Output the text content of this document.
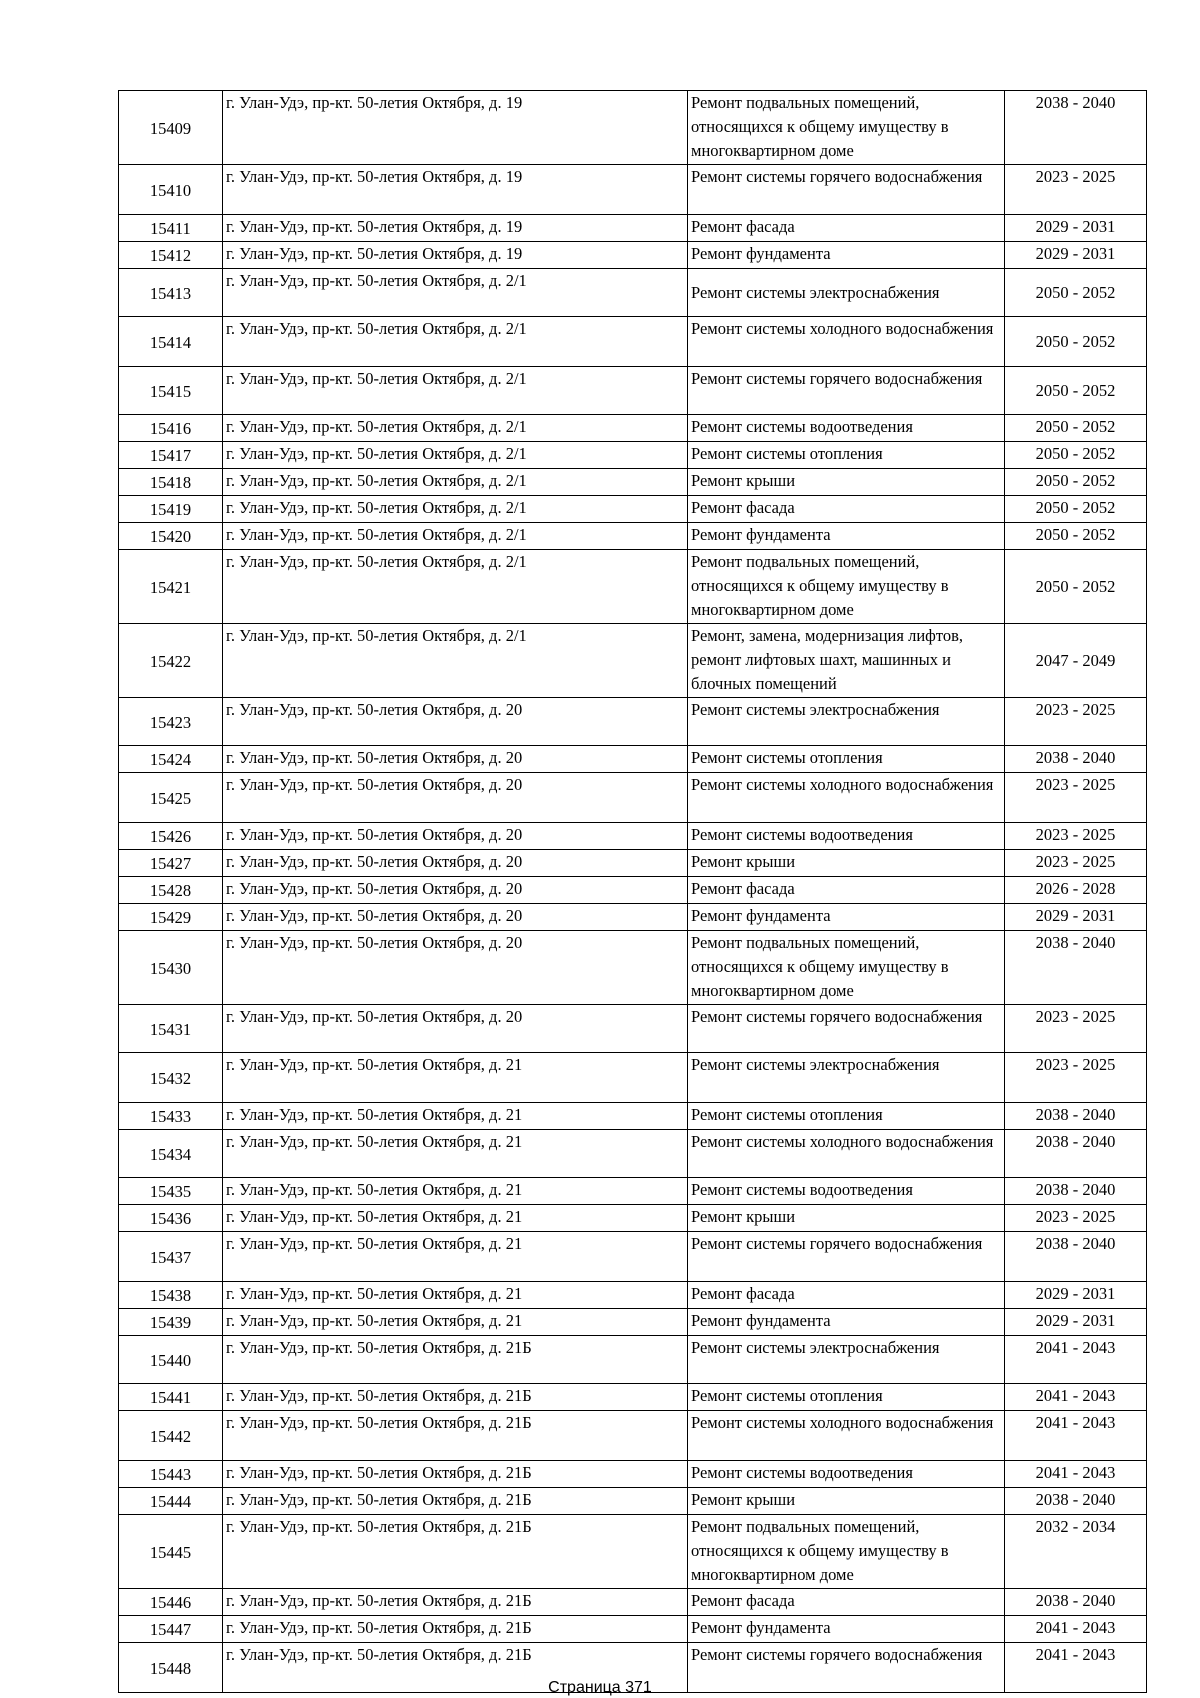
15409	г. Улан-Удэ, пр-кт. 50-летия Октября, д. 19	Ремонт подвальных помещений, относящихся к общему имуществу в многоквартирном доме	2038 - 2040
15410	г. Улан-Удэ, пр-кт. 50-летия Октября, д. 19	Ремонт системы горячего водоснабжения	2023 - 2025
15411	г. Улан-Удэ, пр-кт. 50-летия Октября, д. 19	Ремонт фасада	2029 - 2031
15412	г. Улан-Удэ, пр-кт. 50-летия Октября, д. 19	Ремонт фундамента	2029 - 2031
15413	г. Улан-Удэ, пр-кт. 50-летия Октября, д. 2/1	Ремонт системы электроснабжения	2050 - 2052
15414	г. Улан-Удэ, пр-кт. 50-летия Октября, д. 2/1	Ремонт системы холодного водоснабжения	2050 - 2052
15415	г. Улан-Удэ, пр-кт. 50-летия Октября, д. 2/1	Ремонт системы горячего водоснабжения	2050 - 2052
15416	г. Улан-Удэ, пр-кт. 50-летия Октября, д. 2/1	Ремонт системы водоотведения	2050 - 2052
15417	г. Улан-Удэ, пр-кт. 50-летия Октября, д. 2/1	Ремонт системы отопления	2050 - 2052
15418	г. Улан-Удэ, пр-кт. 50-летия Октября, д. 2/1	Ремонт крыши	2050 - 2052
15419	г. Улан-Удэ, пр-кт. 50-летия Октября, д. 2/1	Ремонт фасада	2050 - 2052
15420	г. Улан-Удэ, пр-кт. 50-летия Октября, д. 2/1	Ремонт фундамента	2050 - 2052
15421	г. Улан-Удэ, пр-кт. 50-летия Октября, д. 2/1	Ремонт подвальных помещений, относящихся к общему имуществу в многоквартирном доме	2050 - 2052
15422	г. Улан-Удэ, пр-кт. 50-летия Октября, д. 2/1	Ремонт, замена, модернизация лифтов, ремонт лифтовых шахт, машинных и блочных помещений	2047 - 2049
15423	г. Улан-Удэ, пр-кт. 50-летия Октября, д. 20	Ремонт системы электроснабжения	2023 - 2025
15424	г. Улан-Удэ, пр-кт. 50-летия Октября, д. 20	Ремонт системы отопления	2038 - 2040
15425	г. Улан-Удэ, пр-кт. 50-летия Октября, д. 20	Ремонт системы холодного водоснабжения	2023 - 2025
15426	г. Улан-Удэ, пр-кт. 50-летия Октября, д. 20	Ремонт системы водоотведения	2023 - 2025
15427	г. Улан-Удэ, пр-кт. 50-летия Октября, д. 20	Ремонт крыши	2023 - 2025
15428	г. Улан-Удэ, пр-кт. 50-летия Октября, д. 20	Ремонт фасада	2026 - 2028
15429	г. Улан-Удэ, пр-кт. 50-летия Октября, д. 20	Ремонт фундамента	2029 - 2031
15430	г. Улан-Удэ, пр-кт. 50-летия Октября, д. 20	Ремонт подвальных помещений, относящихся к общему имуществу в многоквартирном доме	2038 - 2040
15431	г. Улан-Удэ, пр-кт. 50-летия Октября, д. 20	Ремонт системы горячего водоснабжения	2023 - 2025
15432	г. Улан-Удэ, пр-кт. 50-летия Октября, д. 21	Ремонт системы электроснабжения	2023 - 2025
15433	г. Улан-Удэ, пр-кт. 50-летия Октября, д. 21	Ремонт системы отопления	2038 - 2040
15434	г. Улан-Удэ, пр-кт. 50-летия Октября, д. 21	Ремонт системы холодного водоснабжения	2038 - 2040
15435	г. Улан-Удэ, пр-кт. 50-летия Октября, д. 21	Ремонт системы водоотведения	2038 - 2040
15436	г. Улан-Удэ, пр-кт. 50-летия Октября, д. 21	Ремонт крыши	2023 - 2025
15437	г. Улан-Удэ, пр-кт. 50-летия Октября, д. 21	Ремонт системы горячего водоснабжения	2038 - 2040
15438	г. Улан-Удэ, пр-кт. 50-летия Октября, д. 21	Ремонт фасада	2029 - 2031
15439	г. Улан-Удэ, пр-кт. 50-летия Октября, д. 21	Ремонт фундамента	2029 - 2031
15440	г. Улан-Удэ, пр-кт. 50-летия Октября, д. 21Б	Ремонт системы электроснабжения	2041 - 2043
15441	г. Улан-Удэ, пр-кт. 50-летия Октября, д. 21Б	Ремонт системы отопления	2041 - 2043
15442	г. Улан-Удэ, пр-кт. 50-летия Октября, д. 21Б	Ремонт системы холодного водоснабжения	2041 - 2043
15443	г. Улан-Удэ, пр-кт. 50-летия Октября, д. 21Б	Ремонт системы водоотведения	2041 - 2043
15444	г. Улан-Удэ, пр-кт. 50-летия Октября, д. 21Б	Ремонт крыши	2038 - 2040
15445	г. Улан-Удэ, пр-кт. 50-летия Октября, д. 21Б	Ремонт подвальных помещений, относящихся к общему имуществу в многоквартирном доме	2032 - 2034
15446	г. Улан-Удэ, пр-кт. 50-летия Октября, д. 21Б	Ремонт фасада	2038 - 2040
15447	г. Улан-Удэ, пр-кт. 50-летия Октября, д. 21Б	Ремонт фундамента	2041 - 2043
15448	г. Улан-Удэ, пр-кт. 50-летия Октября, д. 21Б	Ремонт системы горячего водоснабжения	2041 - 2043
Страница 371
